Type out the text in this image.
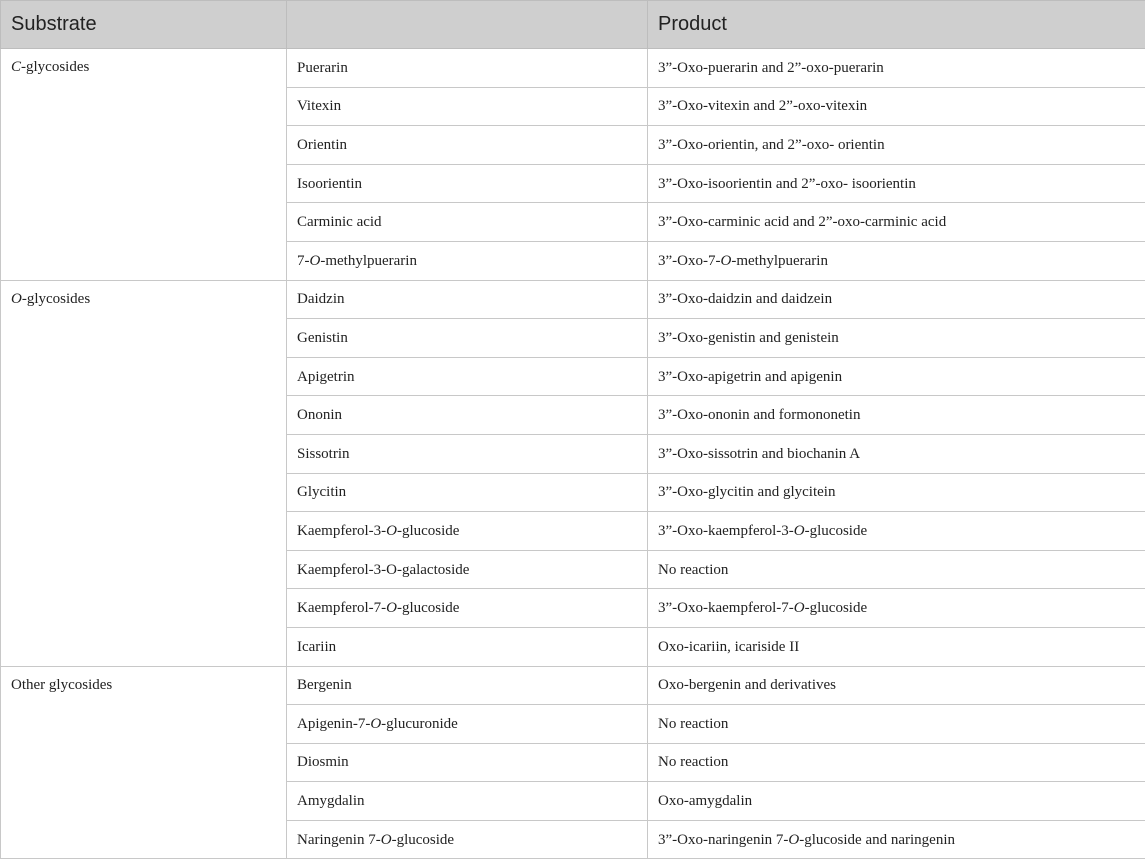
Substrate		Product
C-glycosides	Puerarin	3”-Oxo-puerarin and 2”-oxo-puerarin
	Vitexin	3”-Oxo-vitexin and 2”-oxo-vitexin
	Orientin	3”-Oxo-orientin, and 2”-oxo- orientin
	Isoorientin	3”-Oxo-isoorientin and 2”-oxo- isoorientin
	Carminic acid	3”-Oxo-carminic acid and 2”-oxo-carminic acid
	7-O-methylpuerarin	3”-Oxo-7-O-methylpuerarin
O-glycosides	Daidzin	3”-Oxo-daidzin and daidzein
	Genistin	3”-Oxo-genistin and genistein
	Apigetrin	3”-Oxo-apigetrin and apigenin
	Ononin	3”-Oxo-ononin and formononetin
	Sissotrin	3”-Oxo-sissotrin and biochanin A
	Glycitin	3”-Oxo-glycitin and glycitein
	Kaempferol-3-O-glucoside	3”-Oxo-kaempferol-3-O-glucoside
	Kaempferol-3-O-galactoside	No reaction
	Kaempferol-7-O-glucoside	3”-Oxo-kaempferol-7-O-glucoside
	Icariin	Oxo-icariin, icariside II
Other glycosides	Bergenin	Oxo-bergenin and derivatives
	Apigenin-7-O-glucuronide	No reaction
	Diosmin	No reaction
	Amygdalin	Oxo-amygdalin
	Naringenin 7-O-glucoside	3”-Oxo-naringenin 7-O-glucoside and naringenin
